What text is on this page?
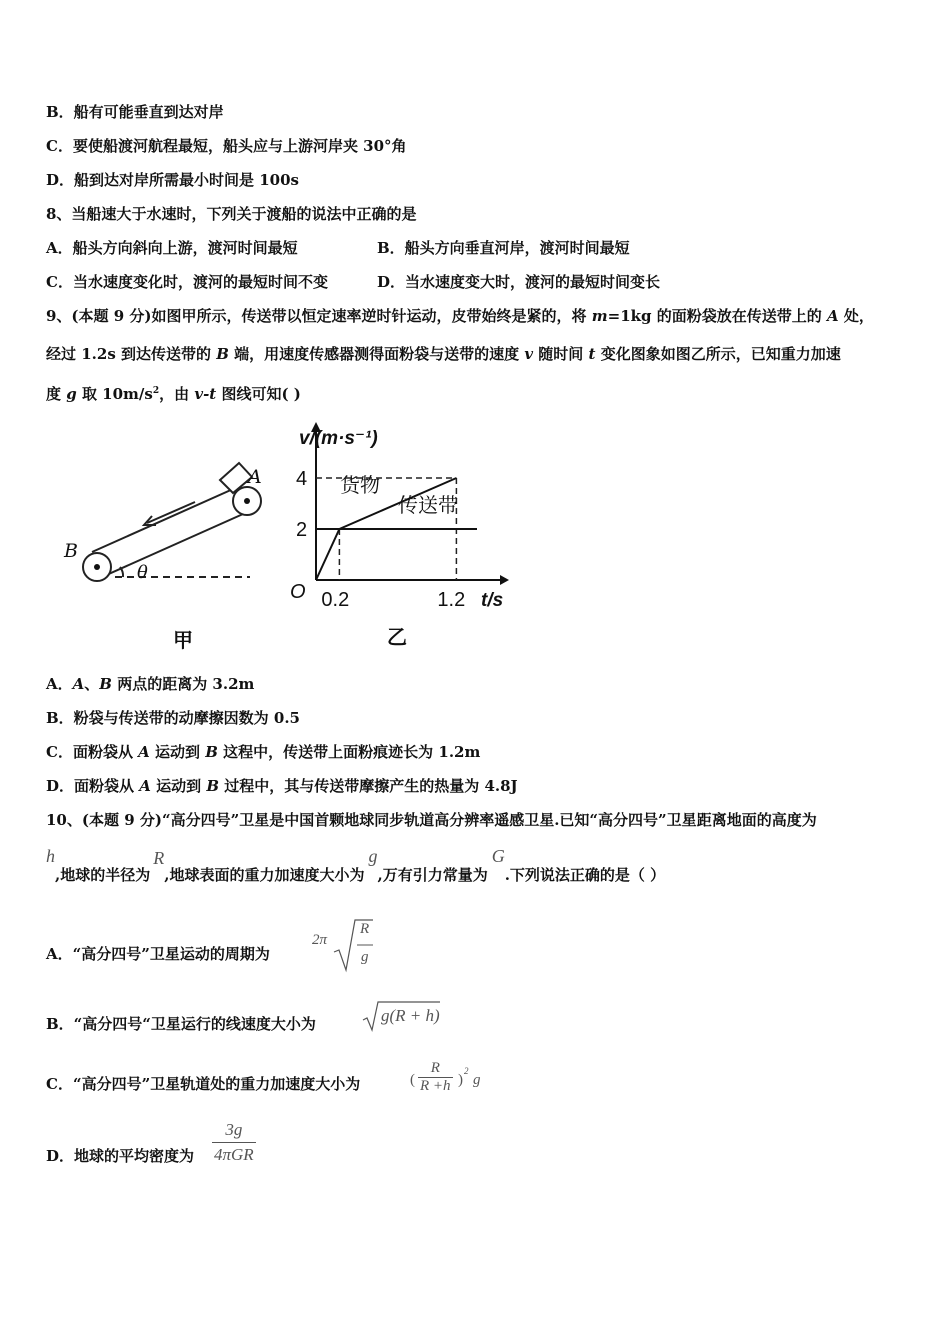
B．船有可能垂直到达对岸
C．要使船渡河航程最短，船头应与上游河岸夹 30°角
D．船到达对岸所需最小时间是 100s
8、当船速大于水速时，下列关于渡船的说法中正确的是
A．船头方向斜向上游，渡河时间最短	B．船头方向垂直河岸，渡河时间最短
C．当水速度变化时，渡河的最短时间不变	D．当水速度变大时，渡河的最短时间变长
9、(本题 9 分)如图甲所示，传送带以恒定速率逆时针运动，皮带始终是紧的，将 m=1kg 的面粉袋放在传送带上的 A 处，
经过 1.2s 到达传送带的 B 端，用速度传感器测得面粉袋与送带的速度 v 随时间 t 变化图象如图乙所示，已知重力加速
度 g 取 $10m/s^2$，由 v-t 图线可知( )
A
B
θ
甲
v/(m·s⁻¹)
t/s
O 0.2	1.2
2
4 货物
传送带
乙
A．A、B 两点的距离为 3.2m
B．粉袋与传送带的动摩擦因数为 0.5
C．面粉袋从 A 运动到 B 这程中，传送带上面粉痕迹长为 1.2m
D．面粉袋从 A 运动到 B 过程中，其与传送带摩擦产生的热量为 4.8J
10、(本题 9 分)“高分四号”卫星是中国首颗地球同步轨道高分辨率遥感卫星.已知“高分四号”卫星距离地面的高度为
h,地球的半径为R,地球表面的重力加速度大小为g,万有引力常量为G.下列说法正确的是（ ）
A．“高分四号”卫星运动的周期为
2π
R
g
B．“高分四号“卫星运行的线速度大小为	g(R + h)
C．“高分四号”卫星轨道处的重力加速度大小为	( $\frac{R}{R +h}$ )
2
g
D．地球的平均密度为 $\frac{3g}{\text{4πGR}}$
